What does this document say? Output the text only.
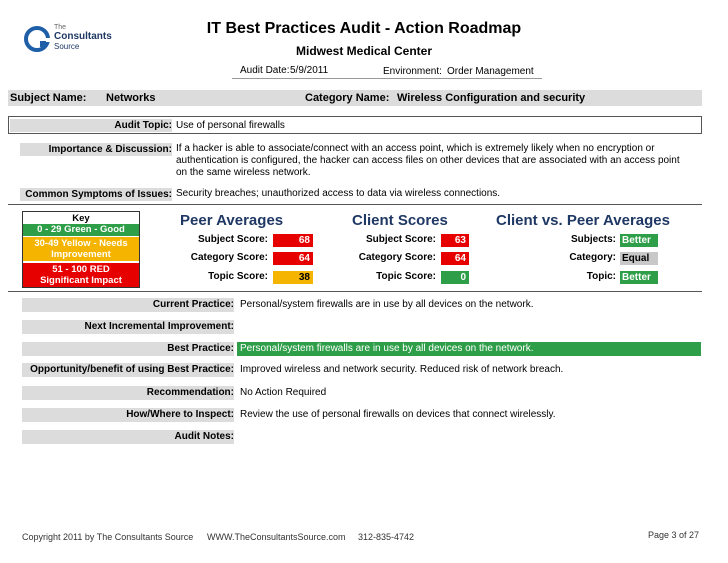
The
Consultants
Source
IT Best Practices Audit - Action Roadmap
Midwest Medical Center
Audit Date: 5/9/2011	Environment: Order Management
Subject Name: Networks	Category Name: Wireless Configuration and security
Audit Topic: Use of personal firewalls
Importance & Discussion: If a hacker is able to associate/connect with an access point, which is extremely likely when no encryption or
authentication is configured, the hacker can access files on other devices that are associated with an access point
on the same wireless network.
Common Symptoms of Issues: Security breaches; unauthorized access to data via wireless connections.
Key
0 - 29 Green - Good
30-49 Yellow - Needs Improvement
51 - 100 RED Significant Impact
Peer Averages
Subject Score:	68
Category Score:	64
Topic Score:	38
Client Scores
Subject Score:	63
Category Score:	64
Topic Score:	0
Client vs. Peer Averages
Subjects: Better
Category: Equal
Topic: Better
Current Practice: Personal/system firewalls are in use by all devices on the network.
Next Incremental Improvement:
Best Practice: Personal/system firewalls are in use by all devices on the network.
Opportunity/benefit of using Best Practice: Improved wireless and network security. Reduced risk of network breach.
Recommendation: No Action Required
How/Where to Inspect: Review the use of personal firewalls on devices that connect wirelessly.
Audit Notes:
Copyright 2011 by The Consultants Source WWW.TheConsultantsSource.com 312-835-4742	Page 3 of 27
